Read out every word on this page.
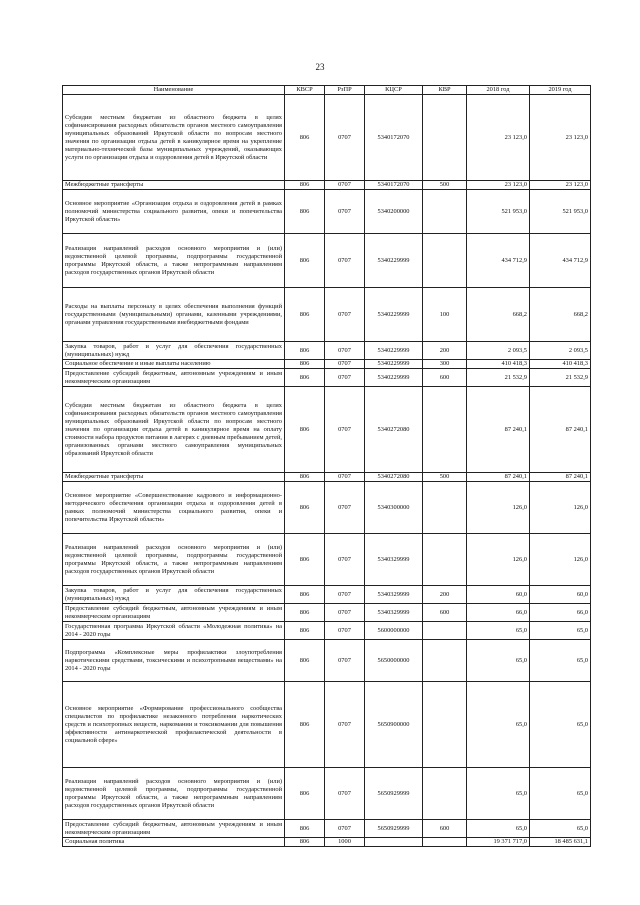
23
Наименование	КВСР	РзПР	КЦСР	КВР	2018 год	2019 год
Субсидии местным бюджетам из областного бюджета в целях софинансирования расходных обязательств органов местного самоуправления муниципальных образований Иркутской области по вопросам местного значения по организации отдыха детей в каникулярное время на укрепление материально-технической базы муниципальных учреждений, оказывающих услуги по организации отдыха и оздоровления детей в Иркутской области	806	0707	5340172070		23 123,0	23 123,0
Межбюджетные трансферты	806	0707	5340172070	500	23 123,0	23 123,0
Основное мероприятие «Организация отдыха и оздоровления детей в рамках полномочий министерства социального развития, опеки и попечительства Иркутской области»	806	0707	5340200000		521 953,0	521 953,0
Реализация направлений расходов основного мероприятия и (или) ведомственной целевой программы, подпрограммы государственной программы Иркутской области, а также непрограммным направлениям расходов государственных органов Иркутской области	806	0707	5340229999		434 712,9	434 712,9
Расходы на выплаты персоналу в целях обеспечения выполнения функций государственными (муниципальными) органами, казенными учреждениями, органами управления государственными внебюджетными фондами	806	0707	5340229999	100	668,2	668,2
Закупка товаров, работ и услуг для обеспечения государственных (муниципальных) нужд	806	0707	5340229999	200	2 093,5	2 093,5
Социальное обеспечение и иные выплаты населению	806	0707	5340229999	300	410 418,3	410 418,3
Предоставление субсидий бюджетным, автономным учреждениям и иным некоммерческим организациям	806	0707	5340229999	600	21 532,9	21 532,9
Субсидии местным бюджетам из областного бюджета в целях софинансирования расходных обязательств органов местного самоуправления муниципальных образований Иркутской области по вопросам местного значения по организации отдыха детей в каникулярное время на оплату стоимости набора продуктов питания в лагерях с дневным пребыванием детей, организованных органами местного самоуправления муниципальных образований Иркутской области	806	0707	5340272080		87 240,1	87 240,1
Межбюджетные трансферты	806	0707	5340272080	500	87 240,1	87 240,1
Основное мероприятие «Совершенствование кадрового и информационно-методического обеспечения организации отдыха и оздоровления детей в рамках полномочий министерства социального развития, опеки и попечительства Иркутской области»	806	0707	5340300000		126,0	126,0
Реализация направлений расходов основного мероприятия и (или) ведомственной целевой программы, подпрограммы государственной программы Иркутской области, а также непрограммным направлениям расходов государственных органов Иркутской области	806	0707	5340329999		126,0	126,0
Закупка товаров, работ и услуг для обеспечения государственных (муниципальных) нужд	806	0707	5340329999	200	60,0	60,0
Предоставление субсидий бюджетным, автономным учреждениям и иным некоммерческим организациям	806	0707	5340329999	600	66,0	66,0
Государственная программа Иркутской области «Молодежная политика» на 2014 - 2020 годы	806	0707	5600000000		65,0	65,0
Подпрограмма «Комплексные меры профилактики злоупотребления наркотическими средствами, токсическими и психотропными веществами» на 2014 - 2020 годы	806	0707	5650000000		65,0	65,0
Основное мероприятие «Формирование профессионального сообщества специалистов по профилактике незаконного потребления наркотических средств и психотропных веществ, наркомании и токсикомании для повышения эффективности антинаркотической профилактической деятельности в социальной сфере»	806	0707	5650900000		65,0	65,0
Реализация направлений расходов основного мероприятия и (или) ведомственной целевой программы, подпрограммы государственной программы Иркутской области, а также непрограммным направлениям расходов государственных органов Иркутской области	806	0707	5650929999		65,0	65,0
Предоставление субсидий бюджетным, автономным учреждениям и иным некоммерческим организациям	806	0707	5650929999	600	65,0	65,0
Социальная политика	806	1000			19 371 717,0	18 485 631,1
